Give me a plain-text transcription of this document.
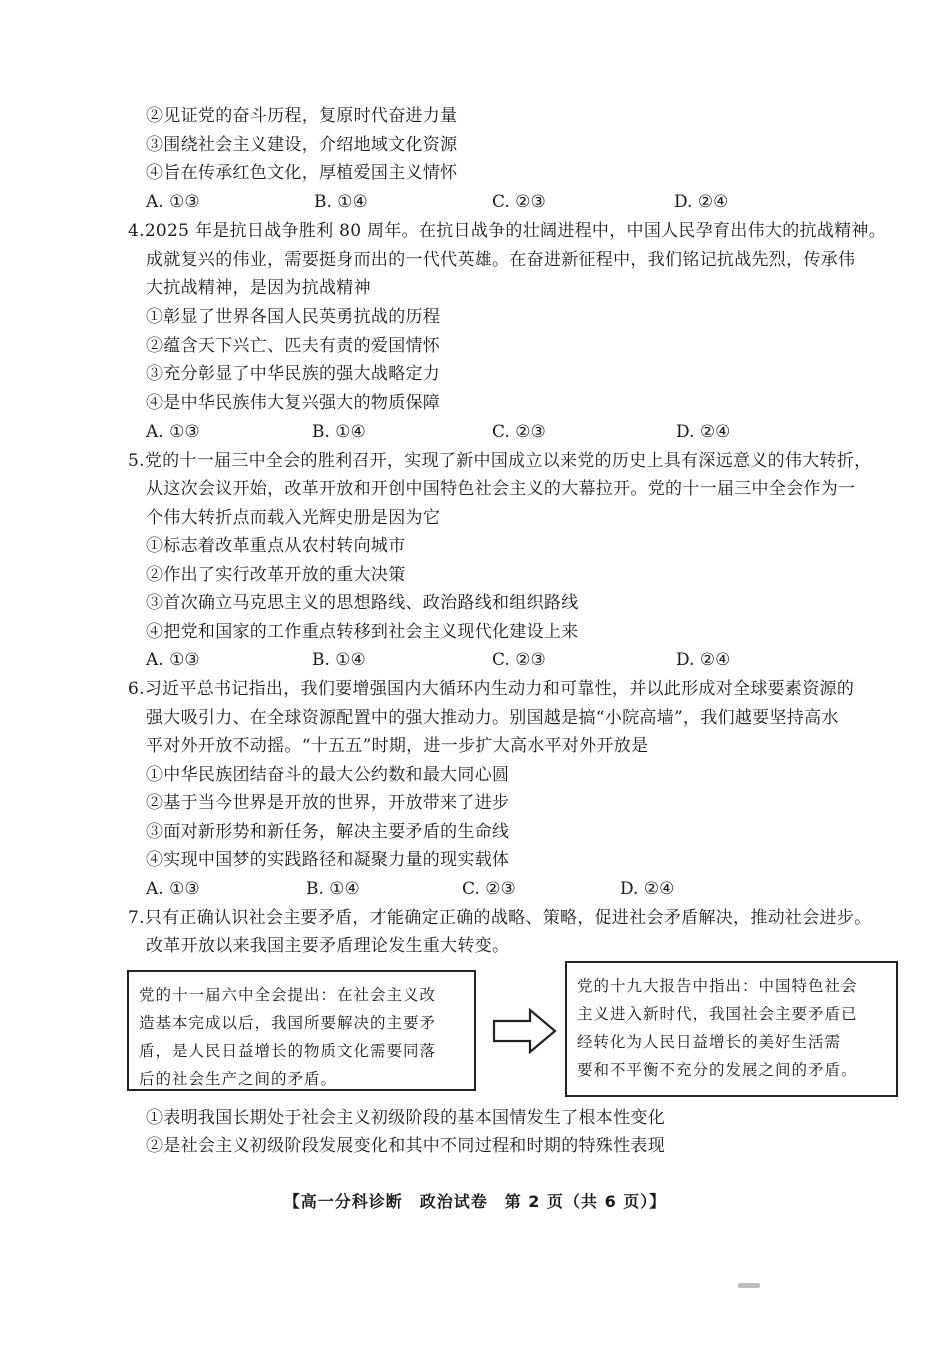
②见证党的奋斗历程，复原时代奋进力量
③围绕社会主义建设，介绍地域文化资源
④旨在传承红色文化，厚植爱国主义情怀
A. ①③	B. ①④	C. ②③	D. ②④
4.2025 年是抗日战争胜利 80 周年。在抗日战争的壮阔进程中，中国人民孕育出伟大的抗战精神。
成就复兴的伟业，需要挺身而出的一代代英雄。在奋进新征程中，我们铭记抗战先烈，传承伟
大抗战精神，是因为抗战精神
①彰显了世界各国人民英勇抗战的历程
②蕴含天下兴亡、匹夫有责的爱国情怀
③充分彰显了中华民族的强大战略定力
④是中华民族伟大复兴强大的物质保障
A. ①③	B. ①④	C. ②③	D. ②④
5.党的十一届三中全会的胜利召开，实现了新中国成立以来党的历史上具有深远意义的伟大转折，
从这次会议开始，改革开放和开创中国特色社会主义的大幕拉开。党的十一届三中全会作为一
个伟大转折点而载入光辉史册是因为它
①标志着改革重点从农村转向城市
②作出了实行改革开放的重大决策
③首次确立马克思主义的思想路线、政治路线和组织路线
④把党和国家的工作重点转移到社会主义现代化建设上来
A. ①③	B. ①④	C. ②③	D. ②④
6.习近平总书记指出，我们要增强国内大循环内生动力和可靠性，并以此形成对全球要素资源的
强大吸引力、在全球资源配置中的强大推动力。别国越是搞“小院高墙”，我们越要坚持高水
平对外开放不动摇。“十五五”时期，进一步扩大高水平对外开放是
①中华民族团结奋斗的最大公约数和最大同心圆
②基于当今世界是开放的世界，开放带来了进步
③面对新形势和新任务，解决主要矛盾的生命线
④实现中国梦的实践路径和凝聚力量的现实载体
A. ①③	B. ①④	C. ②③	D. ②④
7.只有正确认识社会主要矛盾，才能确定正确的战略、策略，促进社会矛盾解决，推动社会进步。
改革开放以来我国主要矛盾理论发生重大转变。
党的十一届六中全会提出：在社会主义改
造基本完成以后，我国所要解决的主要矛
盾，是人民日益增长的物质文化需要同落
后的社会生产之间的矛盾。
党的十九大报告中指出：中国特色社会
主义进入新时代，我国社会主要矛盾已
经转化为人民日益增长的美好生活需
要和不平衡不充分的发展之间的矛盾。
①表明我国长期处于社会主义初级阶段的基本国情发生了根本性变化
②是社会主义初级阶段发展变化和其中不同过程和时期的特殊性表现
【高一分科诊断　政治试卷　第 2 页（共 6 页）】
